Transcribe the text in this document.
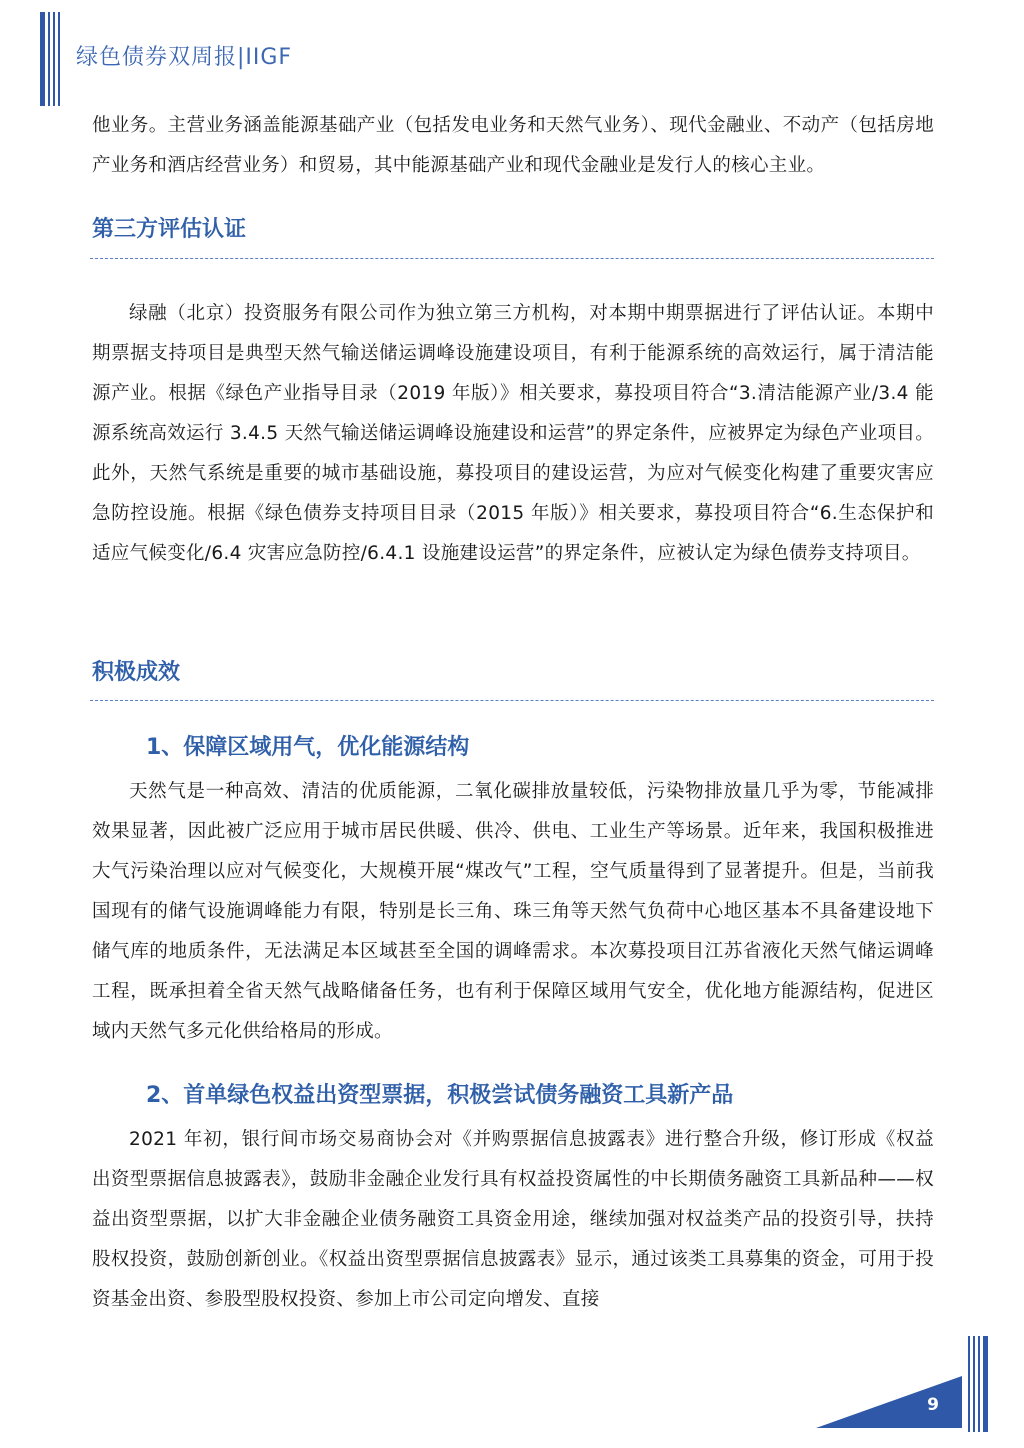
绿色债券双周报|IIGF

他业务。主营业务涵盖能源基础产业（包括发电业务和天然气业务）、现代金融业、不动产（包括房地产业务和酒店经营业务）和贸易，其中能源基础产业和现代金融业是发行人的核心主业。

第三方评估认证

绿融（北京）投资服务有限公司作为独立第三方机构，对本期中期票据进行了评估认证。本期中期票据支持项目是典型天然气输送储运调峰设施建设项目，有利于能源系统的高效运行，属于清洁能源产业。根据《绿色产业指导目录（2019 年版）》相关要求，募投项目符合“3.清洁能源产业/3.4 能源系统高效运行 3.4.5 天然气输送储运调峰设施建设和运营”的界定条件，应被界定为绿色产业项目。此外，天然气系统是重要的城市基础设施，募投项目的建设运营，为应对气候变化构建了重要灾害应急防控设施。根据《绿色债券支持项目目录（2015 年版）》相关要求，募投项目符合“6.生态保护和适应气候变化/6.4 灾害应急防控/6.4.1 设施建设运营”的界定条件，应被认定为绿色债券支持项目。

积极成效
1、保障区域用气，优化能源结构

天然气是一种高效、清洁的优质能源，二氧化碳排放量较低，污染物排放量几乎为零，节能减排效果显著，因此被广泛应用于城市居民供暖、供冷、供电、工业生产等场景。近年来，我国积极推进大气污染治理以应对气候变化，大规模开展“煤改气”工程，空气质量得到了显著提升。但是，当前我国现有的储气设施调峰能力有限，特别是长三角、珠三角等天然气负荷中心地区基本不具备建设地下储气库的地质条件，无法满足本区域甚至全国的调峰需求。本次募投项目江苏省液化天然气储运调峰工程，既承担着全省天然气战略储备任务，也有利于保障区域用气安全，优化地方能源结构，促进区域内天然气多元化供给格局的形成。

2、首单绿色权益出资型票据，积极尝试债务融资工具新产品

2021 年初，银行间市场交易商协会对《并购票据信息披露表》进行整合升级，修订形成《权益出资型票据信息披露表》，鼓励非金融企业发行具有权益投资属性的中长期债务融资工具新品种——权益出资型票据，以扩大非金融企业债务融资工具资金用途，继续加强对权益类产品的投资引导，扶持股权投资，鼓励创新创业。《权益出资型票据信息披露表》显示，通过该类工具募集的资金，可用于投资基金出资、参股型股权投资、参加上市公司定向增发、直接

9
